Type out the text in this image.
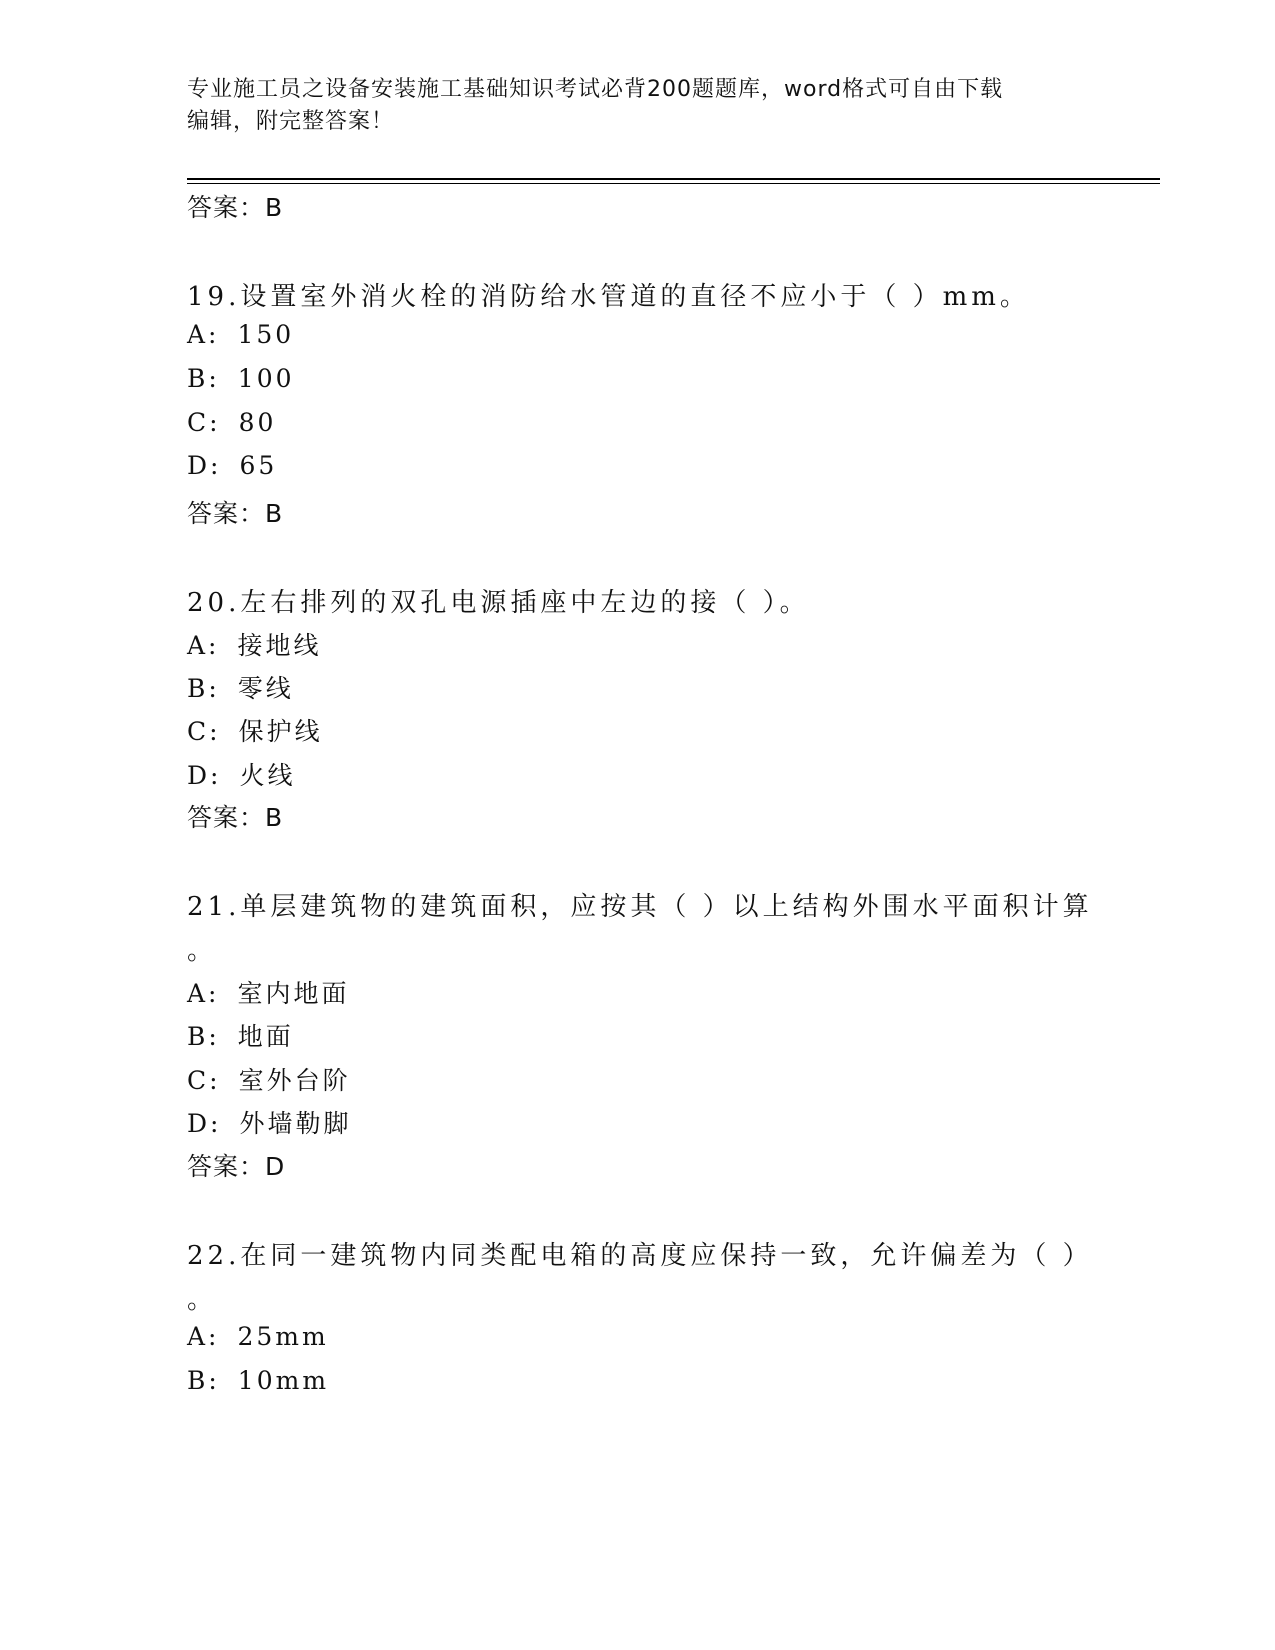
专业施工员之设备安装施工基础知识考试必背200题题库，word格式可自由下载
编辑，附完整答案！
答案：B
19.设置室外消火栓的消防给水管道的直径不应小于（ ）mm。
A: 150
B: 100
C: 80
D: 65
答案：B
20.左右排列的双孔电源插座中左边的接（ ）。
A: 接地线
B: 零线
C: 保护线
D: 火线
答案：B
21.单层建筑物的建筑面积，应按其（ ）以上结构外围水平面积计算
。
A: 室内地面
B: 地面
C: 室外台阶
D: 外墙勒脚
答案：D
22.在同一建筑物内同类配电箱的高度应保持一致，允许偏差为（ ）
。
A: 25mm
B: 10mm
